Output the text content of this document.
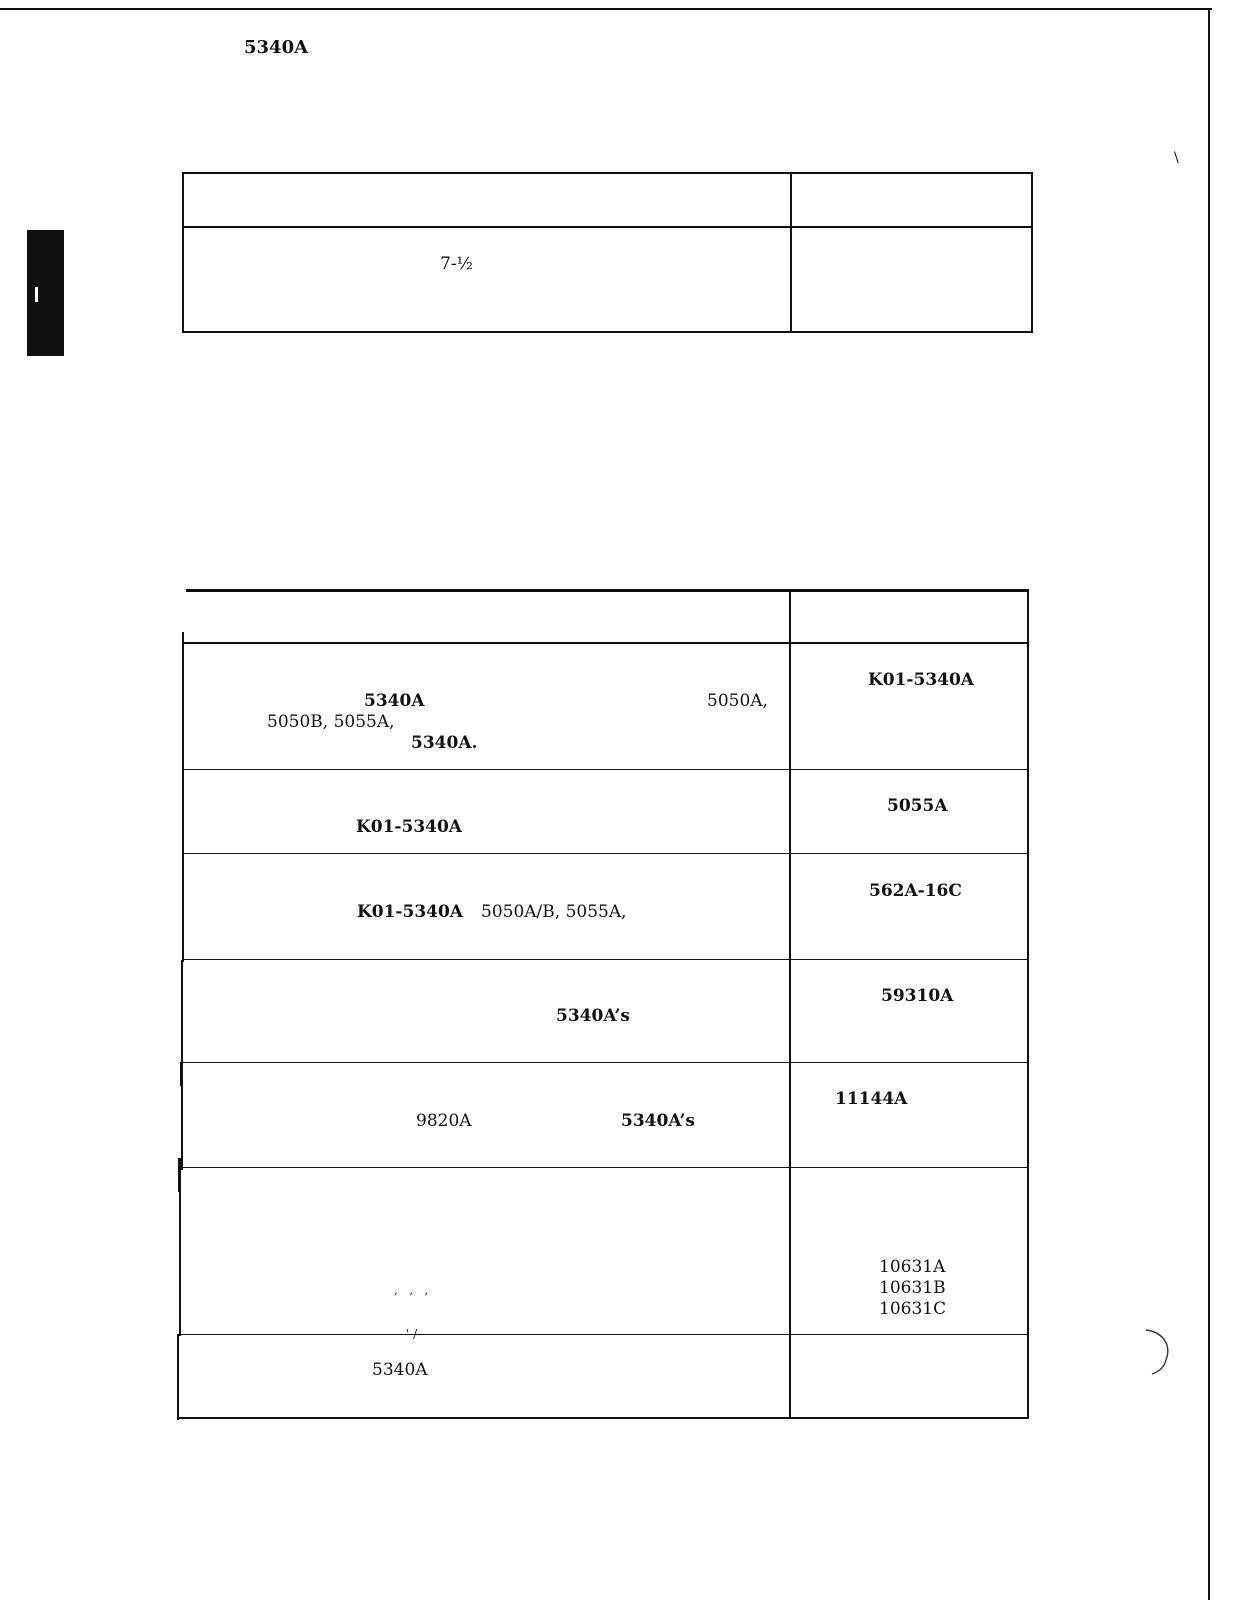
5340A
\
7-½
K01-5340A
5340A	5050A,
5050B, 5055A,
5340A.
5055A
K01-5340A
562A-16C
K01-5340A 5050A/B, 5055A,
59310A
5340A’s
11144A
9820A	5340A’s
10631A
10631B
10631C
,   ,   ,
' /
5340A
